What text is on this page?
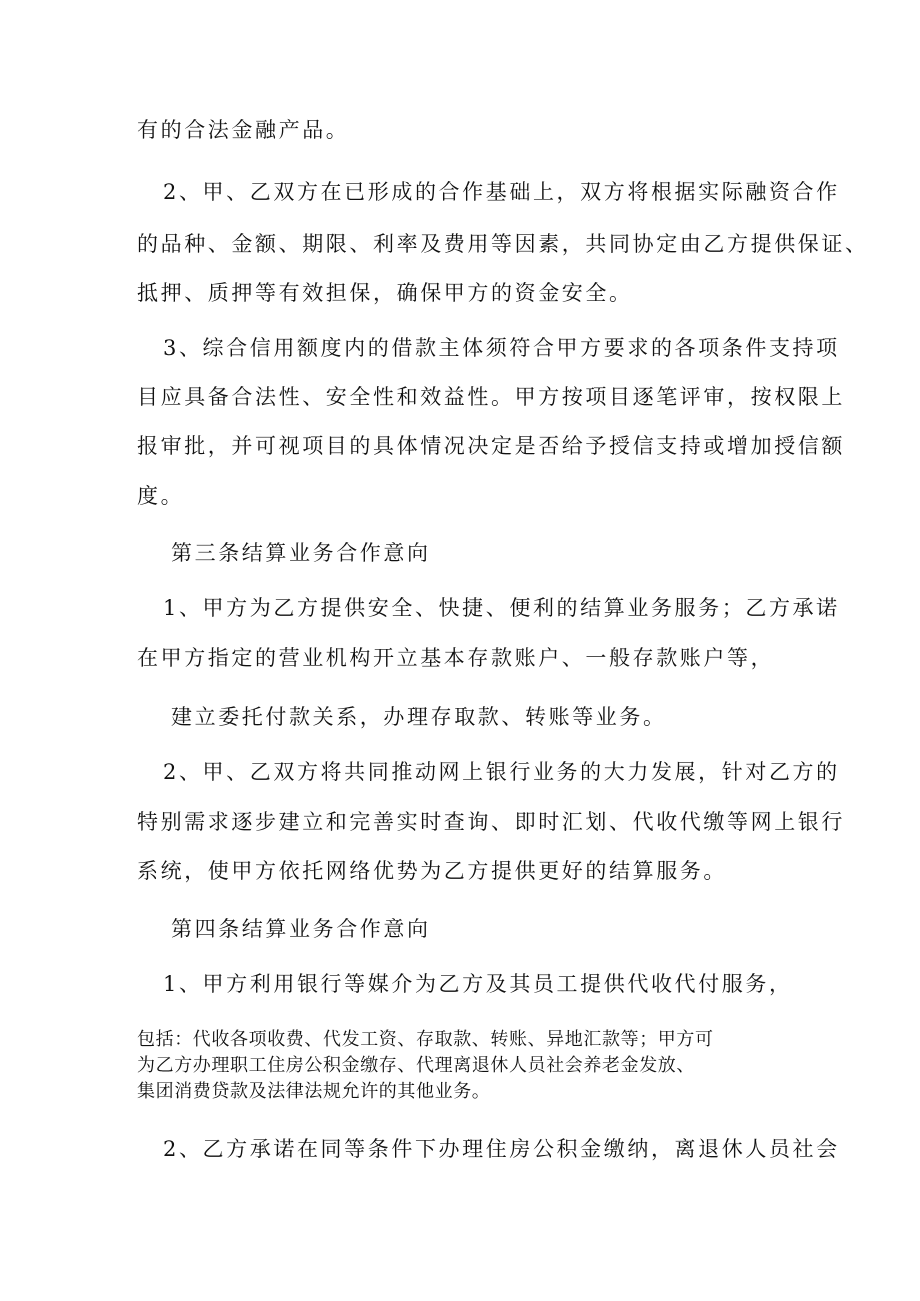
有的合法金融产品。
2、甲、乙双方在已形成的合作基础上，双方将根据实际融资合作
的品种、金额、期限、利率及费用等因素，共同协定由乙方提供保证、
抵押、质押等有效担保，确保甲方的资金安全。
3、综合信用额度内的借款主体须符合甲方要求的各项条件支持项
目应具备合法性、安全性和效益性。甲方按项目逐笔评审，按权限上
报审批，并可视项目的具体情况决定是否给予授信支持或增加授信额
度。
第三条结算业务合作意向
1、甲方为乙方提供安全、快捷、便利的结算业务服务；乙方承诺
在甲方指定的营业机构开立基本存款账户、一般存款账户等，
建立委托付款关系，办理存取款、转账等业务。
2、甲、乙双方将共同推动网上银行业务的大力发展，针对乙方的
特别需求逐步建立和完善实时查询、即时汇划、代收代缴等网上银行
系统，使甲方依托网络优势为乙方提供更好的结算服务。
第四条结算业务合作意向
1、甲方利用银行等媒介为乙方及其员工提供代收代付服务，
包括：代收各项收费、代发工资、存取款、转账、异地汇款等；甲方可
为乙方办理职工住房公积金缴存、代理离退休人员社会养老金发放、
集团消费贷款及法律法规允许的其他业务。
2、乙方承诺在同等条件下办理住房公积金缴纳，离退休人员社会
